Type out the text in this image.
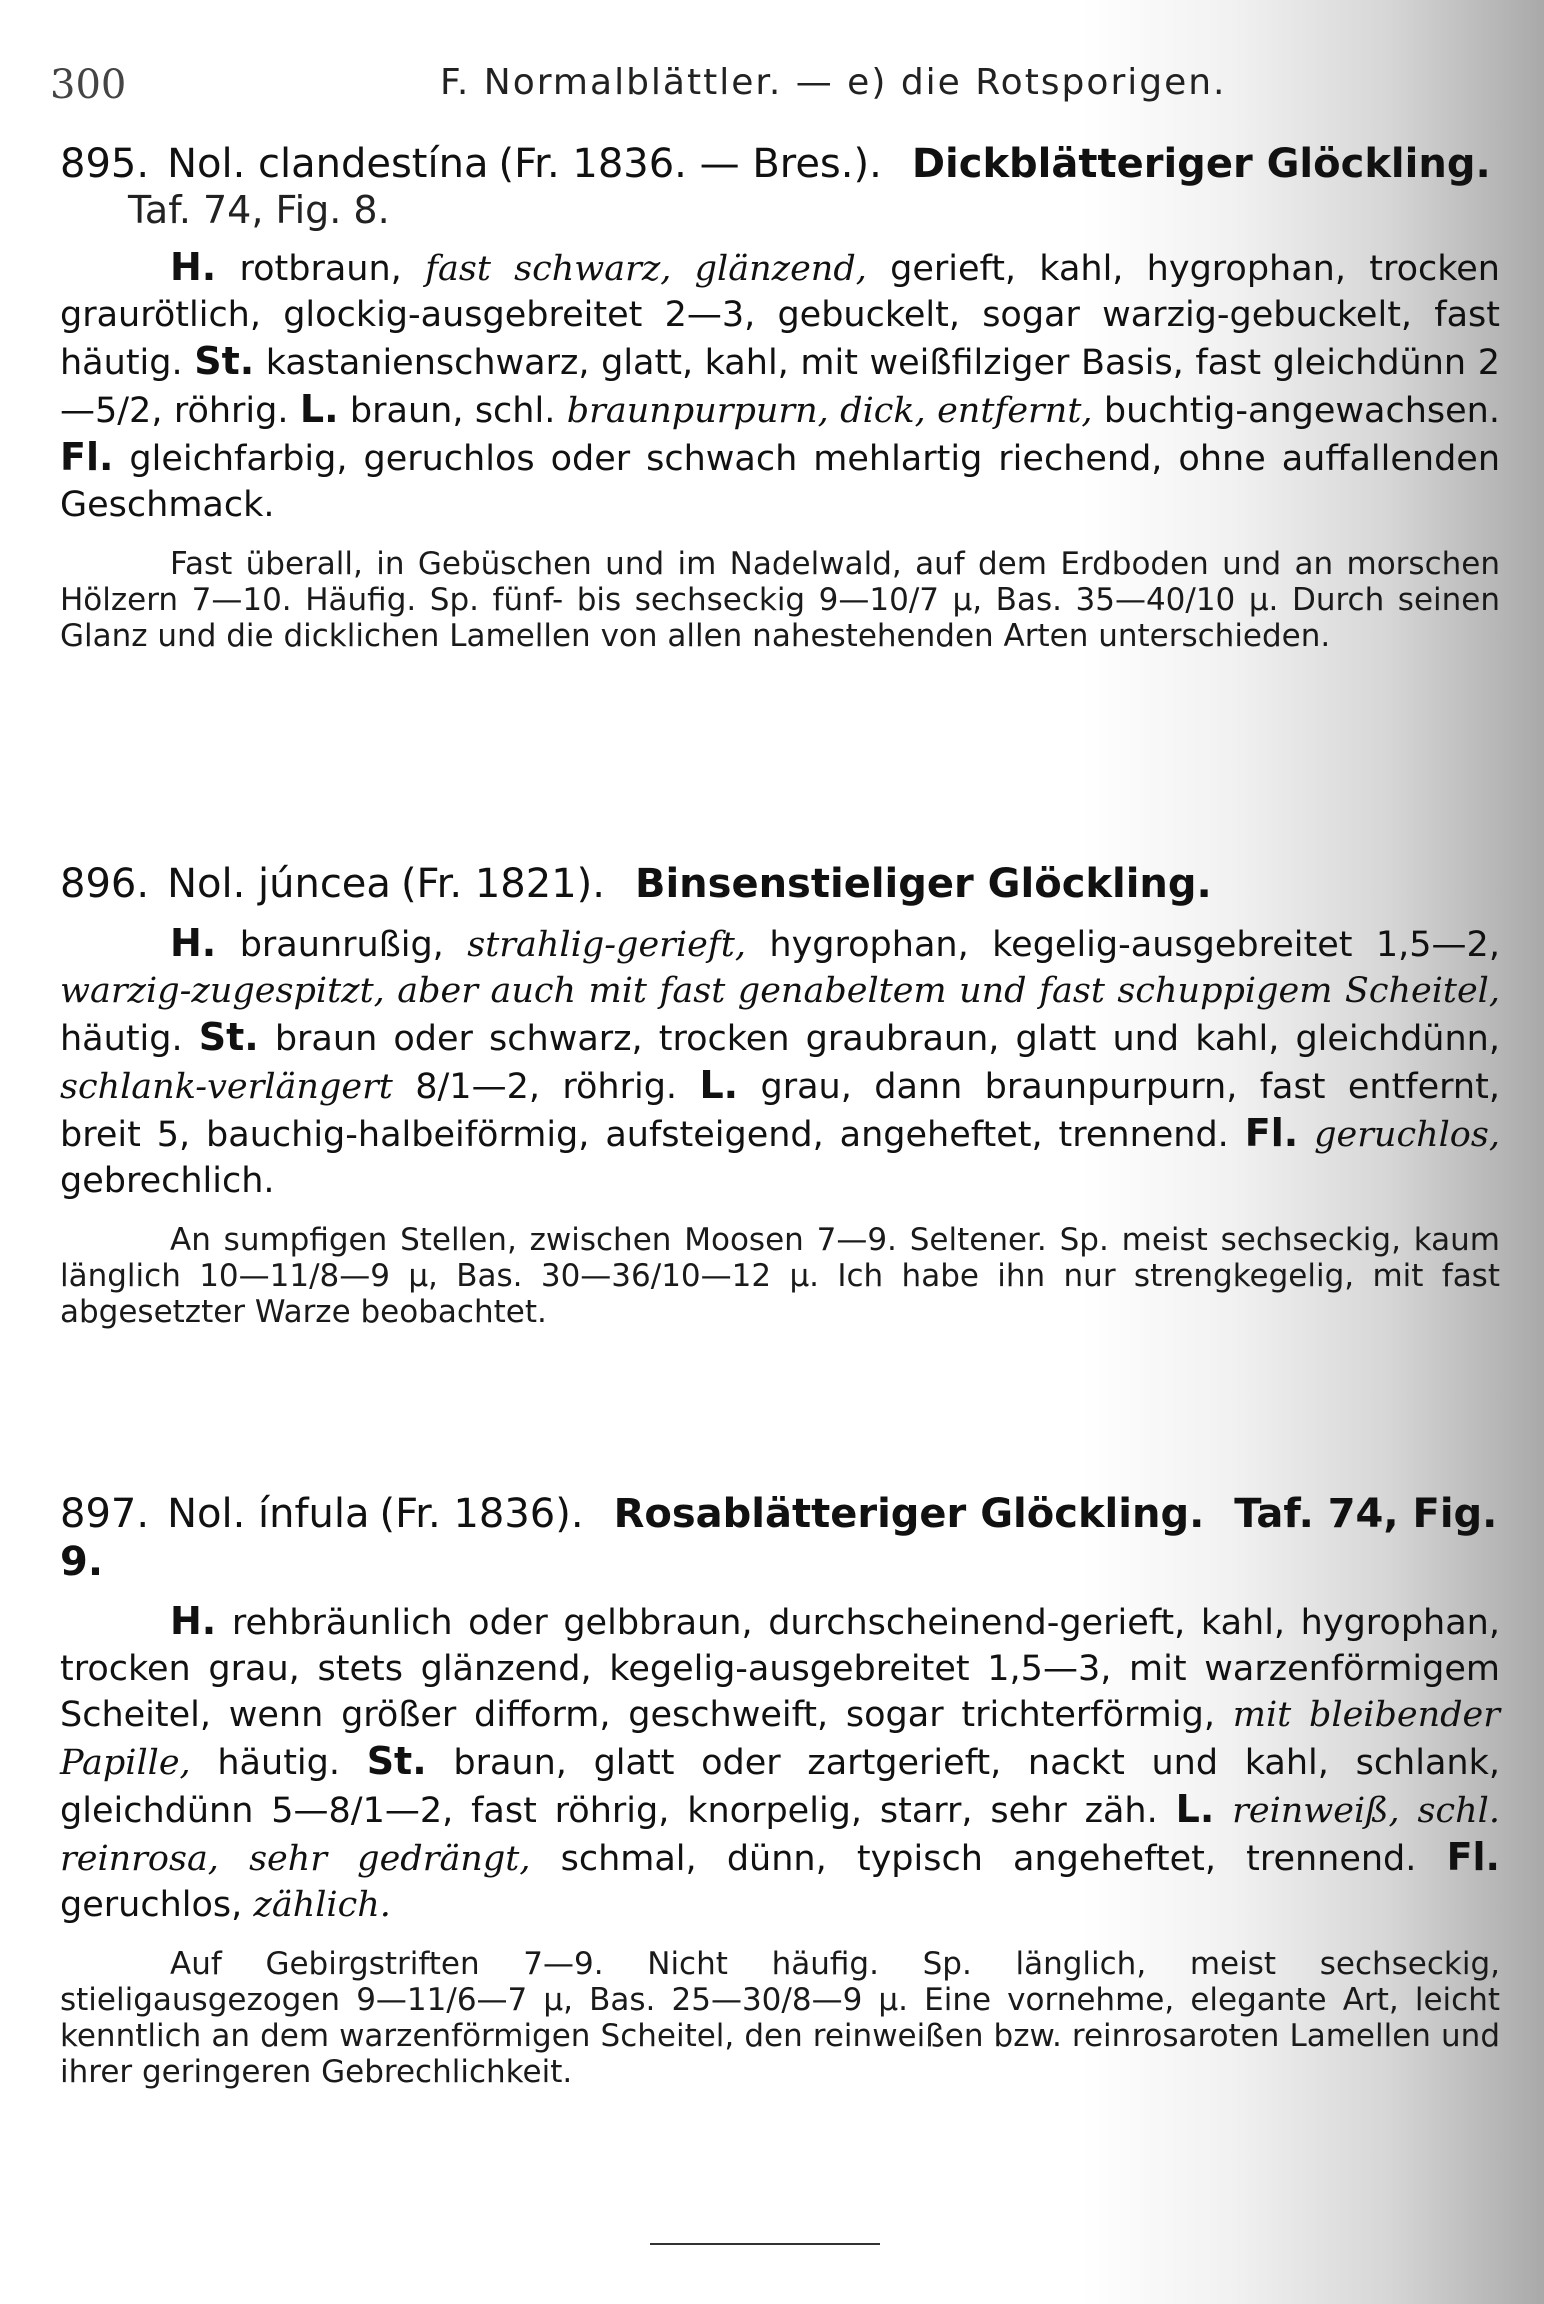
300	F. Normalblättler. — e) die Rotsporigen.

895. Nol. clandestína (Fr. 1836. — Bres.). Dickblätteriger Glöckling.

Taf. 74, Fig. 8.

H. rotbraun, fast schwarz, glänzend, gerieft, kahl, hygrophan, trocken graurötlich, glockig-ausgebreitet 2—3, gebuckelt, sogar warzig-gebuckelt, fast häutig. St. kastanienschwarz, glatt, kahl, mit weißfilziger Basis, fast gleichdünn 2—5/2, röhrig. L. braun, schl. braunpurpurn, dick, entfernt, buchtig-angewachsen. Fl. gleichfarbig, geruchlos oder schwach mehlartig riechend, ohne auffallenden Geschmack.

Fast überall, in Gebüschen und im Nadelwald, auf dem Erdboden und an morschen Hölzern 7—10. Häufig. Sp. fünf- bis sechseckig 9—10/7 μ, Bas. 35—40/10 μ. Durch seinen Glanz und die dicklichen Lamellen von allen nahestehenden Arten unterschieden.

896. Nol. júncea (Fr. 1821). Binsenstieliger Glöckling.

H. braunrußig, strahlig-gerieft, hygrophan, kegelig-ausgebreitet 1,5—2, warzig-zugespitzt, aber auch mit fast genabeltem und fast schuppigem Scheitel, häutig. St. braun oder schwarz, trocken graubraun, glatt und kahl, gleichdünn, schlank-verlängert 8/1—2, röhrig. L. grau, dann braunpurpurn, fast entfernt, breit 5, bauchig-halbeiförmig, aufsteigend, angeheftet, trennend. Fl. geruchlos, gebrechlich.

An sumpfigen Stellen, zwischen Moosen 7—9. Seltener. Sp. meist sechseckig, kaum länglich 10—11/8—9 μ, Bas. 30—36/10—12 μ. Ich habe ihn nur strengkegelig, mit fast abgesetzter Warze beobachtet.

897. Nol. ínfula (Fr. 1836). Rosablätteriger Glöckling. Taf. 74, Fig. 9.

H. rehbräunlich oder gelbbraun, durchscheinend-gerieft, kahl, hygrophan, trocken grau, stets glänzend, kegelig-ausgebreitet 1,5—3, mit warzenförmigem Scheitel, wenn größer difform, geschweift, sogar trichterförmig, mit bleibender Papille, häutig. St. braun, glatt oder zartgerieft, nackt und kahl, schlank, gleichdünn 5—8/1—2, fast röhrig, knorpelig, starr, sehr zäh. L. reinweiß, schl. reinrosa, sehr gedrängt, schmal, dünn, typisch angeheftet, trennend. Fl. geruchlos, zählich.

Auf Gebirgstriften 7—9. Nicht häufig. Sp. länglich, meist sechseckig, stieligausgezogen 9—11/6—7 μ, Bas. 25—30/8—9 μ. Eine vornehme, elegante Art, leicht kenntlich an dem warzenförmigen Scheitel, den reinweißen bzw. reinrosaroten Lamellen und ihrer geringeren Gebrechlichkeit.
